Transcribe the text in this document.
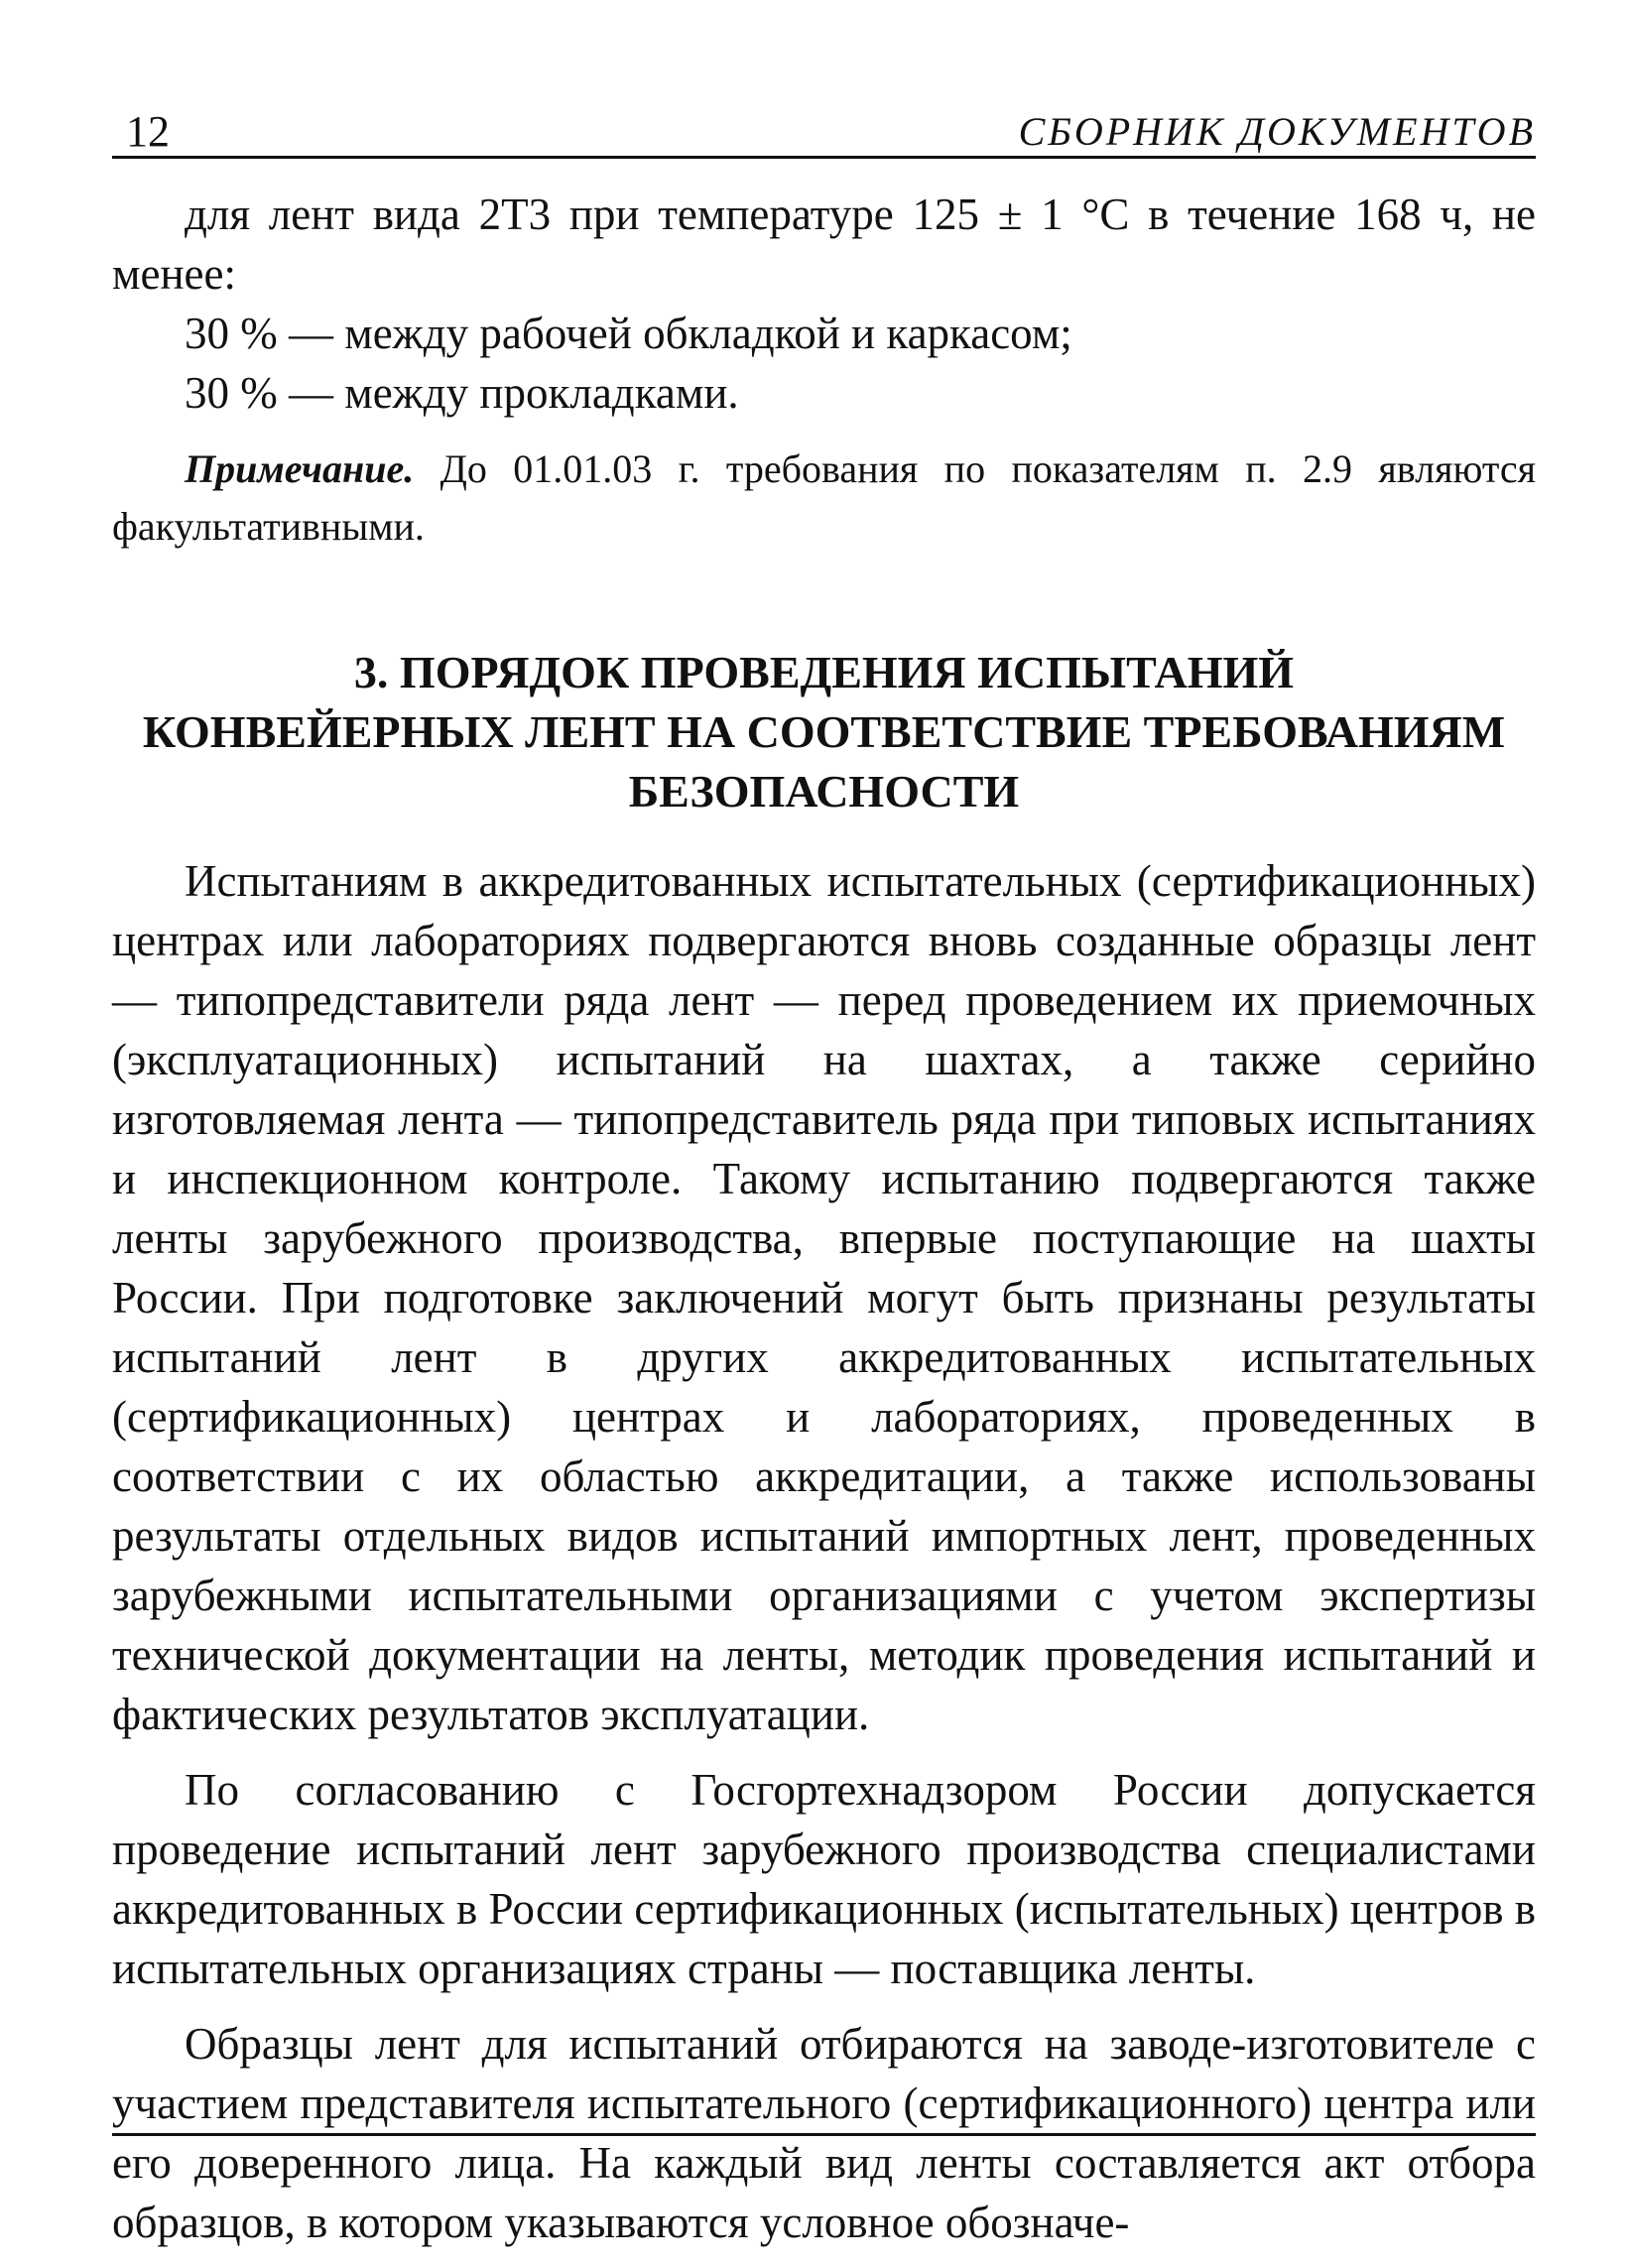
12	СБОРНИК ДОКУМЕНТОВ

для лент вида 2Т3 при температуре 125 ± 1 °С в течение 168 ч, не менее:

30 % — между рабочей обкладкой и каркасом;

30 % — между прокладками.

Примечание. До 01.01.03 г. требования по показателям п. 2.9 являются факультативными.

3. ПОРЯДОК ПРОВЕДЕНИЯ ИСПЫТАНИЙ
КОНВЕЙЕРНЫХ ЛЕНТ НА СООТВЕТСТВИЕ ТРЕБОВАНИЯМ
БЕЗОПАСНОСТИ

Испытаниям в аккредитованных испытательных (сертификационных) центрах или лабораториях подвергаются вновь созданные образцы лент — типопредставители ряда лент — перед проведением их приемочных (эксплуатационных) испытаний на шахтах, а также серийно изготовляемая лента — типопредставитель ряда при типовых испытаниях и инспекционном контроле. Такому испытанию подвергаются также ленты зарубежного производства, впервые поступающие на шахты России. При подготовке заключений могут быть признаны результаты испытаний лент в других аккредитованных испытательных (сертификационных) центрах и лабораториях, проведенных в соответствии с их областью аккредитации, а также использованы результаты отдельных видов испытаний импортных лент, проведенных зарубежными испытательными организациями с учетом экспертизы технической документации на ленты, методик проведения испытаний и фактических результатов эксплуатации.

По согласованию с Госгортехнадзором России допускается проведение испытаний лент зарубежного производства специалистами аккредитованных в России сертификационных (испытательных) центров в испытательных организациях страны — поставщика ленты.

Образцы лент для испытаний отбираются на заводе-изготовителе с участием представителя испытательного (сертификационного) центра или его доверенного лица. На каждый вид ленты составляется акт отбора образцов, в котором указываются условное обозначе-
